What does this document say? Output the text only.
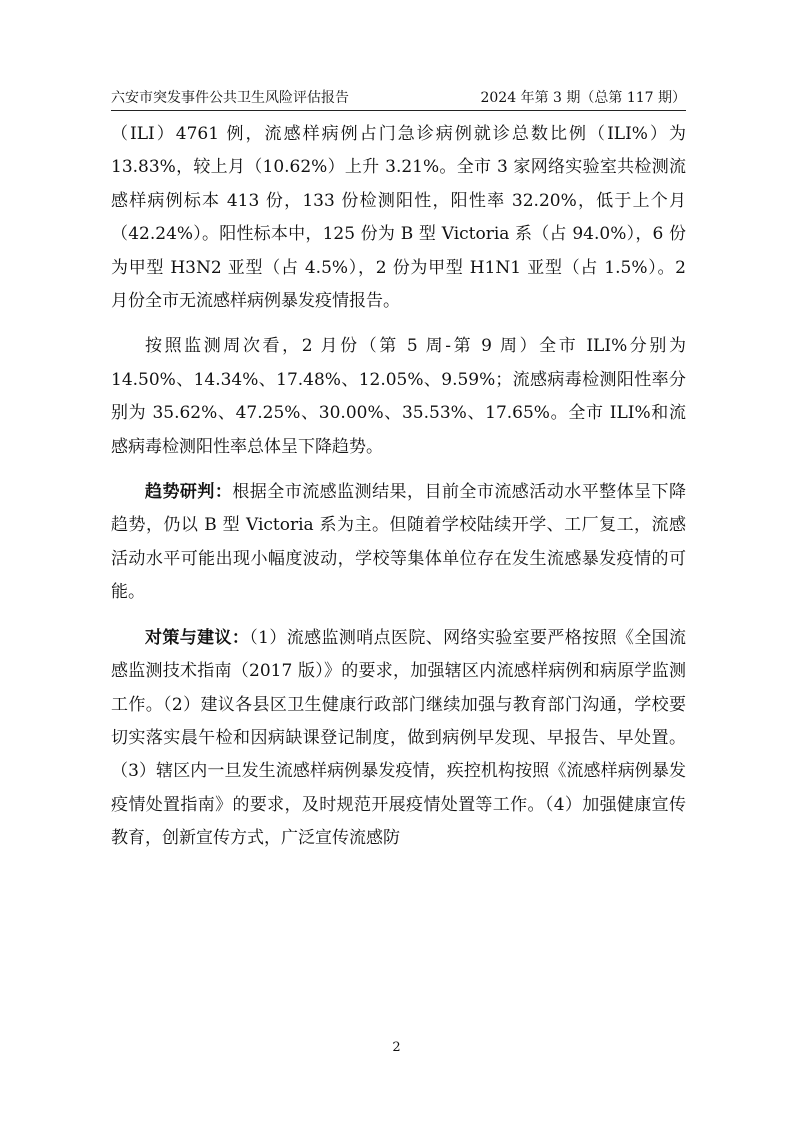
六安市突发事件公共卫生风险评估报告	2024 年第 3 期（总第 117 期）

（ILI）4761 例，流感样病例占门急诊病例就诊总数比例（ILI%）为 13.83%，较上月（10.62%）上升 3.21%。全市 3 家网络实验室共检测流感样病例标本 413 份，133 份检测阳性，阳性率 32.20%，低于上个月（42.24%）。阳性标本中，125 份为 B 型 Victoria 系（占 94.0%），6 份为甲型 H3N2 亚型（占 4.5%），2 份为甲型 H1N1 亚型（占 1.5%）。2 月份全市无流感样病例暴发疫情报告。

按照监测周次看，2 月份（第 5 周-第 9 周）全市 ILI%分别为 14.50%、14.34%、17.48%、12.05%、9.59%；流感病毒检测阳性率分别为 35.62%、47.25%、30.00%、35.53%、17.65%。全市 ILI%和流感病毒检测阳性率总体呈下降趋势。

趋势研判：根据全市流感监测结果，目前全市流感活动水平整体呈下降趋势，仍以 B 型 Victoria 系为主。但随着学校陆续开学、工厂复工，流感活动水平可能出现小幅度波动，学校等集体单位存在发生流感暴发疫情的可能。

对策与建议：（1）流感监测哨点医院、网络实验室要严格按照《全国流感监测技术指南（2017 版）》的要求，加强辖区内流感样病例和病原学监测工作。（2）建议各县区卫生健康行政部门继续加强与教育部门沟通，学校要切实落实晨午检和因病缺课登记制度，做到病例早发现、早报告、早处置。（3）辖区内一旦发生流感样病例暴发疫情，疾控机构按照《流感样病例暴发疫情处置指南》的要求，及时规范开展疫情处置等工作。（4）加强健康宣传教育，创新宣传方式，广泛宣传流感防

2
